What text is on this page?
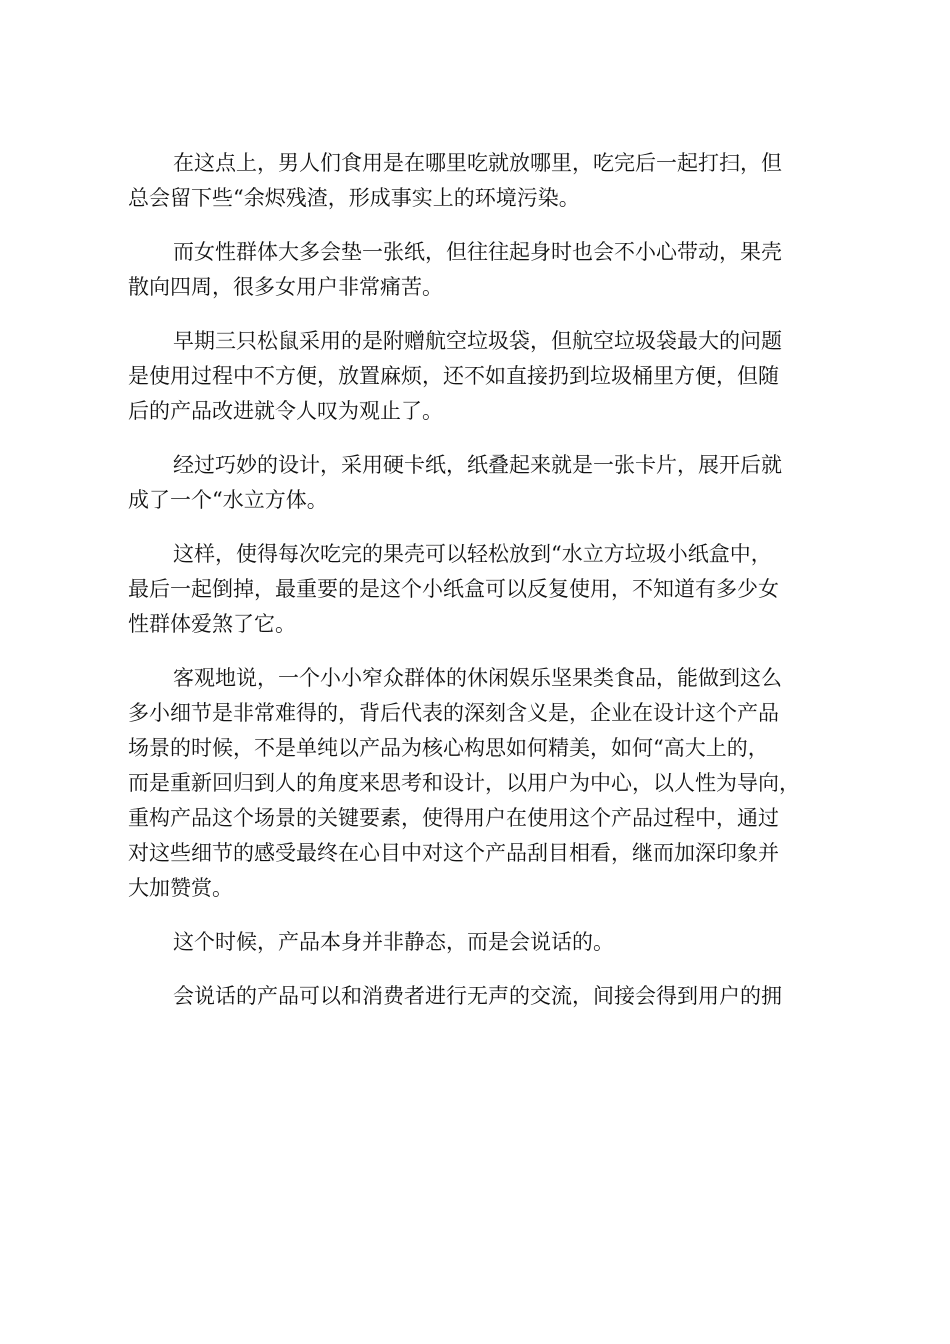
在这点上，男人们食用是在哪里吃就放哪里，吃完后一起打扫，但
总会留下些“余烬残渣，形成事实上的环境污染。

而女性群体大多会垫一张纸，但往往起身时也会不小心带动，果壳
散向四周，很多女用户非常痛苦。

早期三只松鼠采用的是附赠航空垃圾袋，但航空垃圾袋最大的问题
是使用过程中不方便，放置麻烦，还不如直接扔到垃圾桶里方便，但随
后的产品改进就令人叹为观止了。

经过巧妙的设计，采用硬卡纸，纸叠起来就是一张卡片，展开后就
成了一个“水立方体。

这样，使得每次吃完的果壳可以轻松放到“水立方垃圾小纸盒中，
最后一起倒掉，最重要的是这个小纸盒可以反复使用，不知道有多少女
性群体爱煞了它。

客观地说，一个小小窄众群体的休闲娱乐坚果类食品，能做到这么
多小细节是非常难得的，背后代表的深刻含义是，企业在设计这个产品
场景的时候，不是单纯以产品为核心构思如何精美，如何“高大上的，
而是重新回归到人的角度来思考和设计，以用户为中心，以人性为导向，
重构产品这个场景的关键要素，使得用户在使用这个产品过程中，通过
对这些细节的感受最终在心目中对这个产品刮目相看，继而加深印象并
大加赞赏。

这个时候，产品本身并非静态，而是会说话的。

会说话的产品可以和消费者进行无声的交流，间接会得到用户的拥
